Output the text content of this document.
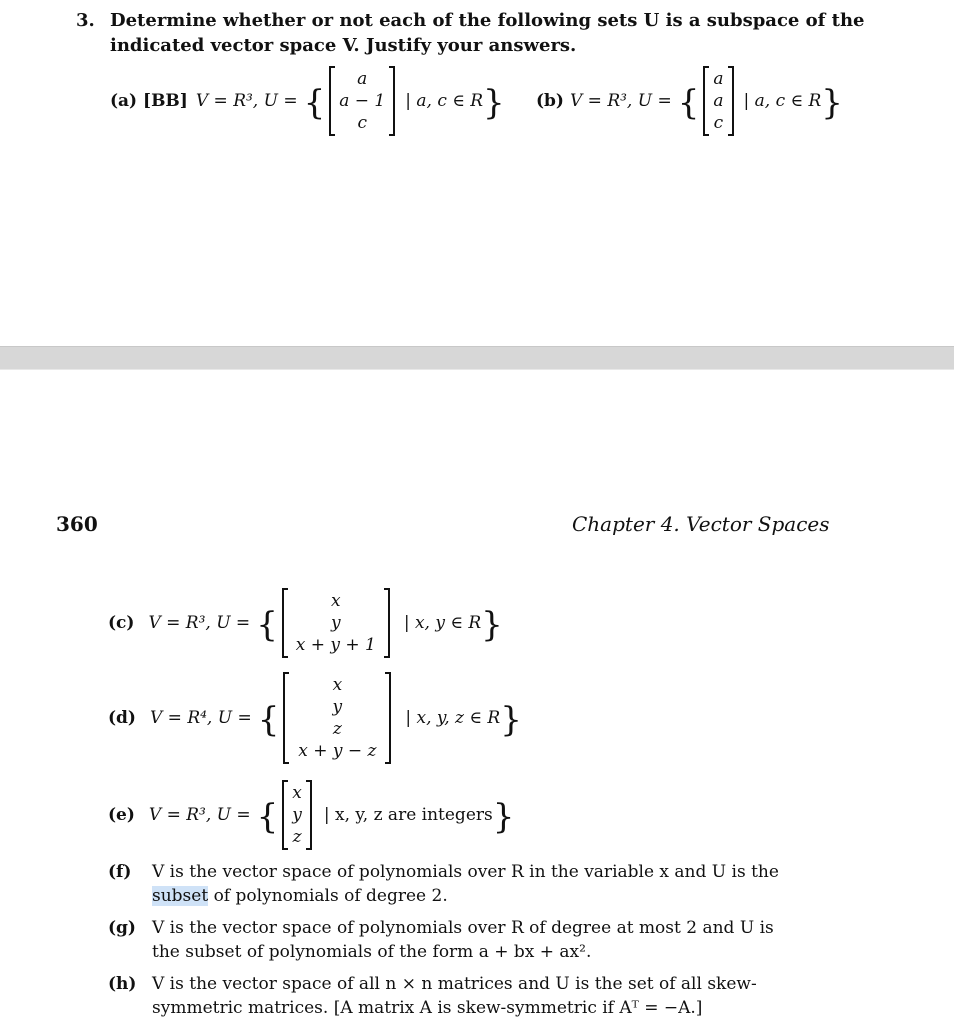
3. Determine whether or not each of the following sets U is a subspace of the
indicated vector space V. Justify your answers.
(a) [BB] V = R³, U = {
a
a − 1
c
| a, c ∈ R } (b) V = R³, U = {
a
a
c
| a, c ∈ R }
360	Chapter 4. Vector Spaces
(c) V = R³, U = {
x
y
x + y + 1
| x, y ∈ R }
(d) V = R⁴, U = {
x
y
z
x + y − z
| x, y, z ∈ R }
(e) V = R³, U = {
x
y
z
| x, y, z are integers }
(f) V is the vector space of polynomials over R in the variable x and U is the
subset of polynomials of degree 2.
(g) V is the vector space of polynomials over R of degree at most 2 and U is
the subset of polynomials of the form a + bx + ax².
(h) V is the vector space of all n × n matrices and U is the set of all skew-
symmetric matrices. [A matrix A is skew-symmetric if Aᵀ = −A.]
